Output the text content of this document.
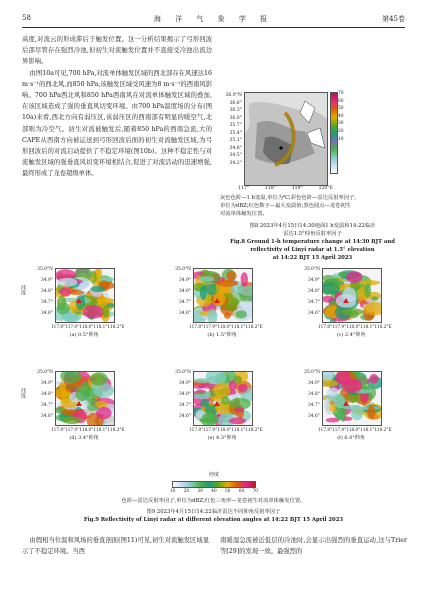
58	海 洋 气 象 学 报	第45卷

高度,对流云的形成滞后于触发位置。这一分析结果揭示了弓形回波后部尽管存在强烈冷池,但初生对流触发位置并不直接受冷池出流边界影响。

由图10a可见,700 hPa,对流单体触发区域的西北部存在风速达16 m·s⁻¹的西北风,而850 hPa,该触发区域受风速为8 m·s⁻¹的西南风影响。700 hPa西北风和850 hPa西南风在对流单体触发区域的叠加,在该区域造成了强的垂直风切变环境。由700 hPa温度场的分布(图10a)来看,西北方向有弱压区,该弱压区的西南部有明显的暖空气,北部则为冷空气。初生对流被触发后,随着850 hPa的西南急流,大的CAPE从西南方向被运送到弓形回波后面的初生对流触发区域,为弓形回波后的对流启动提供了不稳定环境(图10b)。这种不稳定性与对流触发区域的强垂直风切变环境相结合,促进了对流活动的迅速增强,最终形成了龙卷超级单体。

36.9°N
36.6°
36.3°
36.0°
35.7°
35.4°
35.1°
34.8°
34.5°
34.2°
70
60
50
40
30
20
10
117°	118°	119°	120°E
灰色色阶—1 h变温,单位为℃;彩色色阶—雷达反射率因子,
单位为dBZ;红色数字—最大变温值;黑色圆点—龙卷初生
对流单体触发位置。
图8 2023年4月15日14:30地面1 h变温和14:22临沂
雷达1.5°仰角反射率因子
Fig.8 Ground 1-h temperature change at 14:30 BJT and
reflectivity of Linyi radar at 1.5° elevation
at 14:22 BJT 15 April 2023
35.0°N
34.9°
34.8°
34.7°
34.6°
117.8° 117.9° 118.0° 118.1° 118.2°E
(a) 0.5°仰角
35.0°N
34.9°
34.8°
34.7°
34.6°
117.8° 117.9° 118.0° 118.1° 118.2°E
(b) 1.5°仰角
35.0°N
34.9°
34.8°
34.7°
34.6°
117.8° 117.9° 118.0° 118.1° 118.2°E
(c) 2.4°仰角
35.0°N
34.9°
34.8°
34.7°
34.6°
117.8° 117.9° 118.0° 118.1° 118.2°E
(d) 3.4°仰角
35.0°N
34.9°
34.8°
34.7°
34.6°
117.8° 117.9° 118.0° 118.1° 118.2°E
(e) 4.3°仰角
35.0°N
34.9°
34.8°
34.7°
34.6°
117.8° 117.9° 118.0° 118.1° 118.2°E
(f) 6.0°仰角
纬度
纬度
经度
10 20 30 40 50 60 70
色阶—雷达反射率因子,单位为dBZ;红色三角形—龙卷初生对流单体触发位置。
图9 2023年4月15日14:22临沂雷达不同仰角反射率因子
Fig.9 Reflectivity of Linyi radar at different elevation angles at 14:22 BJT 15 April 2023

由假相当位温和风场的垂直剖面(图11)可见,初生对流触发区域显示了不稳定环境。当西

南暖湿急流被近低层的冷池时,会显示出强烈的垂直运动,这与Trier等[29]的发现一致。最强烈的
